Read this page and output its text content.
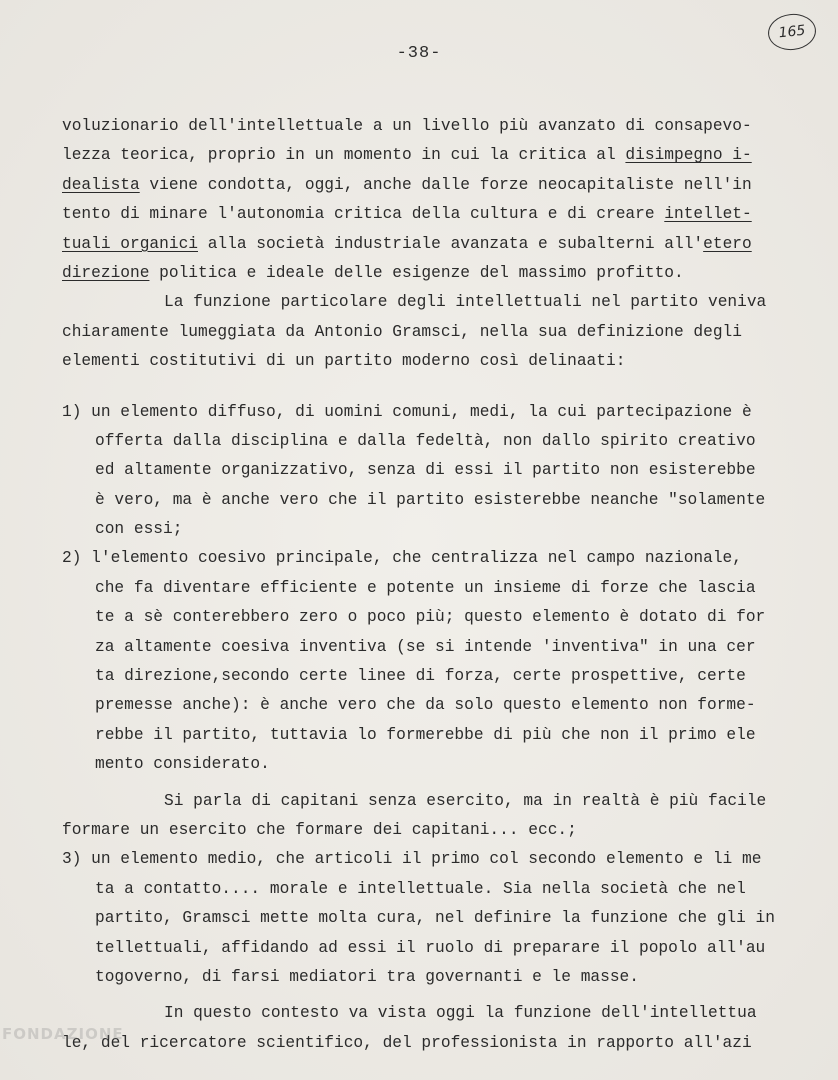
-38-
165
voluzionario dell'intellettuale a un livello più avanzato di consapevo-
lezza teorica, proprio in un momento in cui la critica al disimpegno i-
dealista viene condotta, oggi, anche dalle forze neocapitaliste nell'in
tento di minare l'autonomia critica della cultura e di creare intellet-
tuali organici alla società industriale avanzata e subalterni all'etero
direzione politica e ideale delle esigenze del massimo profitto.
La funzione particolare degli intellettuali nel partito veniva
chiaramente lumeggiata da Antonio Gramsci, nella sua definizione degli
elementi costitutivi di un partito moderno così delinaati:
1) un elemento diffuso, di uomini comuni, medi, la cui partecipazione è
offerta dalla disciplina e dalla fedeltà, non dallo spirito creativo
ed altamente organizzativo, senza di essi il partito non esisterebbe
è vero, ma è anche vero che il partito esisterebbe neanche "solamente
con essi;
2) l'elemento coesivo principale, che centralizza nel campo nazionale,
che fa diventare efficiente e potente un insieme di forze che lascia
te a sè conterebbero zero o poco più; questo elemento è dotato di for
za altamente coesiva inventiva (se si intende 'inventiva" in una cer
ta direzione,secondo certe linee di forza, certe prospettive, certe
premesse anche): è anche vero che da solo questo elemento non forme-
rebbe il partito, tuttavia lo formerebbe di più che non il primo ele
mento considerato.
Si parla di capitani senza esercito, ma in realtà è più facile
formare un esercito che formare dei capitani... ecc.;
3) un elemento medio, che articoli il primo col secondo elemento e li me
ta a contatto.... morale e intellettuale. Sia nella società che nel
partito, Gramsci mette molta cura, nel definire la funzione che gli in
tellettuali, affidando ad essi il ruolo di preparare il popolo all'au
togoverno, di farsi mediatori tra governanti e le masse.
In questo contesto va vista oggi la funzione dell'intellettua
le, del ricercatore scientifico, del professionista in rapporto all'azi
FONDAZIONE
